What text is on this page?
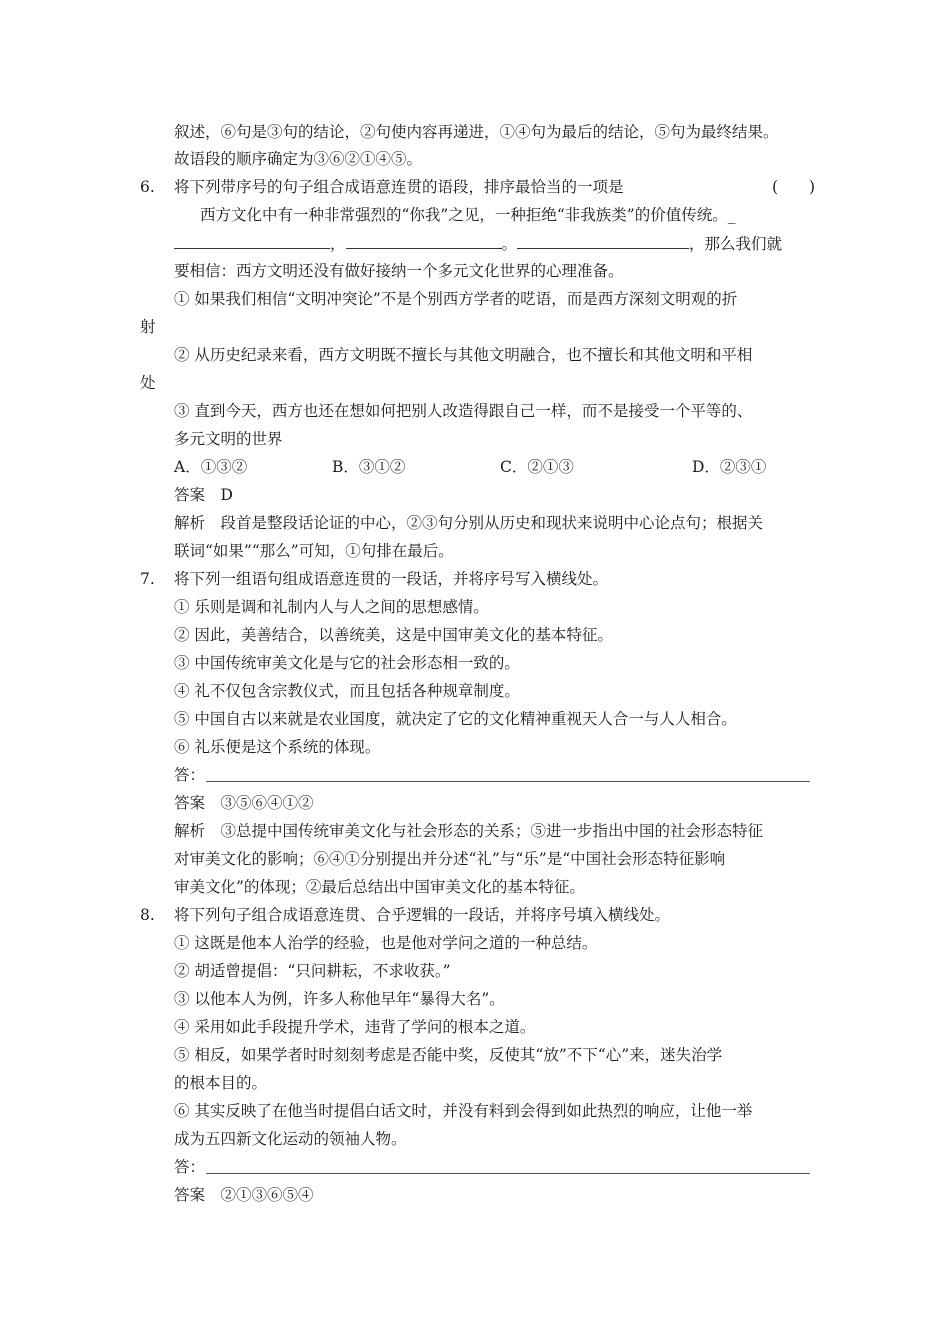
叙述，⑥句是③句的结论，②句使内容再递进，①④句为最后的结论，⑤句为最终结果。
故语段的顺序确定为③⑥②①④⑤。
6. 将下列带序号的句子组合成语意连贯的语段，排序最恰当的一项是	(　　)
西方文化中有一种非常强烈的“你我”之见，一种拒绝“非我族类”的价值传统。_
，	。	，那么我们就
要相信：西方文明还没有做好接纳一个多元文化世界的心理准备。
① 如果我们相信“文明冲突论”不是个别西方学者的呓语，而是西方深刻文明观的折
射
② 从历史纪录来看，西方文明既不擅长与其他文明融合，也不擅长和其他文明和平相
处
③ 直到今天，西方也还在想如何把别人改造得跟自己一样，而不是接受一个平等的、
多元文明的世界
A．①③②	B．③①②	C．②①③	D．②③①
答案　D
解析　段首是整段话论证的中心，②③句分别从历史和现状来说明中心论点句；根据关
联词“如果”“那么”可知，①句排在最后。
7. 将下列一组语句组成语意连贯的一段话，并将序号写入横线处。
① 乐则是调和礼制内人与人之间的思想感情。
② 因此，美善结合，以善统美，这是中国审美文化的基本特征。
③ 中国传统审美文化是与它的社会形态相一致的。
④ 礼不仅包含宗教仪式，而且包括各种规章制度。
⑤ 中国自古以来就是农业国度，就决定了它的文化精神重视天人合一与人人相合。
⑥ 礼乐便是这个系统的体现。
答：
答案　③⑤⑥④①②
解析　③总提中国传统审美文化与社会形态的关系；⑤进一步指出中国的社会形态特征
对审美文化的影响；⑥④①分别提出并分述“礼”与“乐”是“中国社会形态特征影响
审美文化”的体现；②最后总结出中国审美文化的基本特征。
8. 将下列句子组合成语意连贯、合乎逻辑的一段话，并将序号填入横线处。
① 这既是他本人治学的经验，也是他对学问之道的一种总结。
② 胡适曾提倡：“只问耕耘，不求收获。”
③ 以他本人为例，许多人称他早年“暴得大名”。
④ 采用如此手段提升学术，违背了学问的根本之道。
⑤ 相反，如果学者时时刻刻考虑是否能中奖，反使其“放”不下“心”来，迷失治学
的根本目的。
⑥ 其实反映了在他当时提倡白话文时，并没有料到会得到如此热烈的响应，让他一举
成为五四新文化运动的领袖人物。
答：
答案　②①③⑥⑤④
